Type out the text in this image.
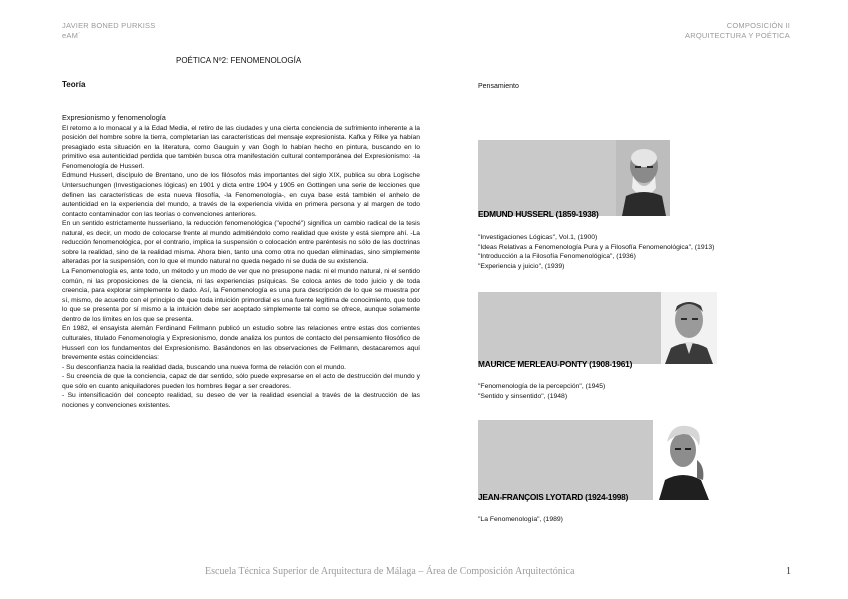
JAVIER BONED PURKISS
eAM´
COMPOSICIÓN II
ARQUITECTURA Y POÉTICA
POÉTICA Nº2: FENOMENOLOGÍA
Teoría	Pensamiento

Expresionismo y fenomenología

El retorno a lo monacal y a la Edad Media, el retiro de las ciudades y una cierta conciencia de sufrimiento inherente a la posición del hombre sobre la tierra, completarían las características del mensaje expresionista. Kafka y Rilke ya habían presagiado esta situación en la literatura, como Gauguin y van Gogh lo habían hecho en pintura, buscando en lo primitivo esa autenticidad perdida que también busca otra manifestación cultural contemporánea del Expresionismo: -la Fenomenología de Husserl.

Edmund Husserl, discípulo de Brentano, uno de los filósofos más importantes del siglo XIX, publica su obra Logische Untersuchungen (Investigaciones lógicas) en 1901 y dicta entre 1904 y 1905 en Gottingen una serie de lecciones que definen las características de esta nueva filosofía, -la Fenomenología-, en cuya base está también el anhelo de autenticidad en la experiencia del mundo, a través de la experiencia vivida en primera persona y al margen de todo contacto contaminador con las teorías o convenciones anteriores.

En un sentido estrictamente husserliano, la reducción fenomenológica ("epoché") significa un cambio radical de la tesis natural, es decir, un modo de colocarse frente al mundo admitiéndolo como realidad que existe y está siempre ahí. -La reducción fenomenológica, por el contrario, implica la suspensión o colocación entre paréntesis no sólo de las doctrinas sobre la realidad, sino de la realidad misma. Ahora bien, tanto una como otra no quedan eliminadas, sino simplemente alteradas por la suspensión, con lo que el mundo natural no queda negado ni se duda de su existencia.

La Fenomenología es, ante todo, un método y un modo de ver que no presupone nada: ni el mundo natural, ni el sentido común, ni las proposiciones de la ciencia, ni las experiencias psíquicas. Se coloca antes de todo juicio y de toda creencia, para explorar simplemente lo dado. Así, la Fenomenología es una pura descripción de lo que se muestra por sí, mismo, de acuerdo con el principio de que toda intuición primordial es una fuente legítima de conocimiento, que todo lo que se presenta por sí mismo a la intuición debe ser aceptado simplemente tal como se ofrece, aunque solamente dentro de los límites en los que se presenta.

En 1982, el ensayista alemán Ferdinand Fellmann publicó un estudio sobre las relaciones entre estas dos corrientes culturales, titulado Fenomenología y Expresionismo, donde analiza los puntos de contacto del pensamiento filosófico de Husserl con los fundamentos del Expresionismo. Basándonos en las observaciones de Fellmann, destacaremos aquí brevemente estas coincidencias:

- Su desconfianza hacia la realidad dada, buscando una nueva forma de relación con el mundo.

- Su creencia de que la conciencia, capaz de dar sentido, sólo puede expresarse en el acto de destrucción del mundo y que sólo en cuanto aniquiladores pueden los hombres llegar a ser creadores.

- Su intensificación del concepto realidad, su deseo de ver la realidad esencial a través de la destrucción de las nociones y convenciones existentes.

EDMUND HUSSERL (1859-1938)
"Investigaciones Lógicas", Vol.1, (1900)
"Ideas Relativas a Fenomenología Pura y a Filosofía Fenomenológica", (1913)
"Introducción a la Filosofía Fenomenológica", (1936)
"Experiencia y juicio", (1939)
MAURICE MERLEAU-PONTY (1908-1961)
"Fenomenología de la percepción", (1945)
"Sentido y sinsentido", (1948)
JEAN-FRANÇOIS LYOTARD (1924-1998)
"La Fenomenología", (1989)
Escuela Técnica Superior de Arquitectura de Málaga – Área de Composición Arquitectónica	1
